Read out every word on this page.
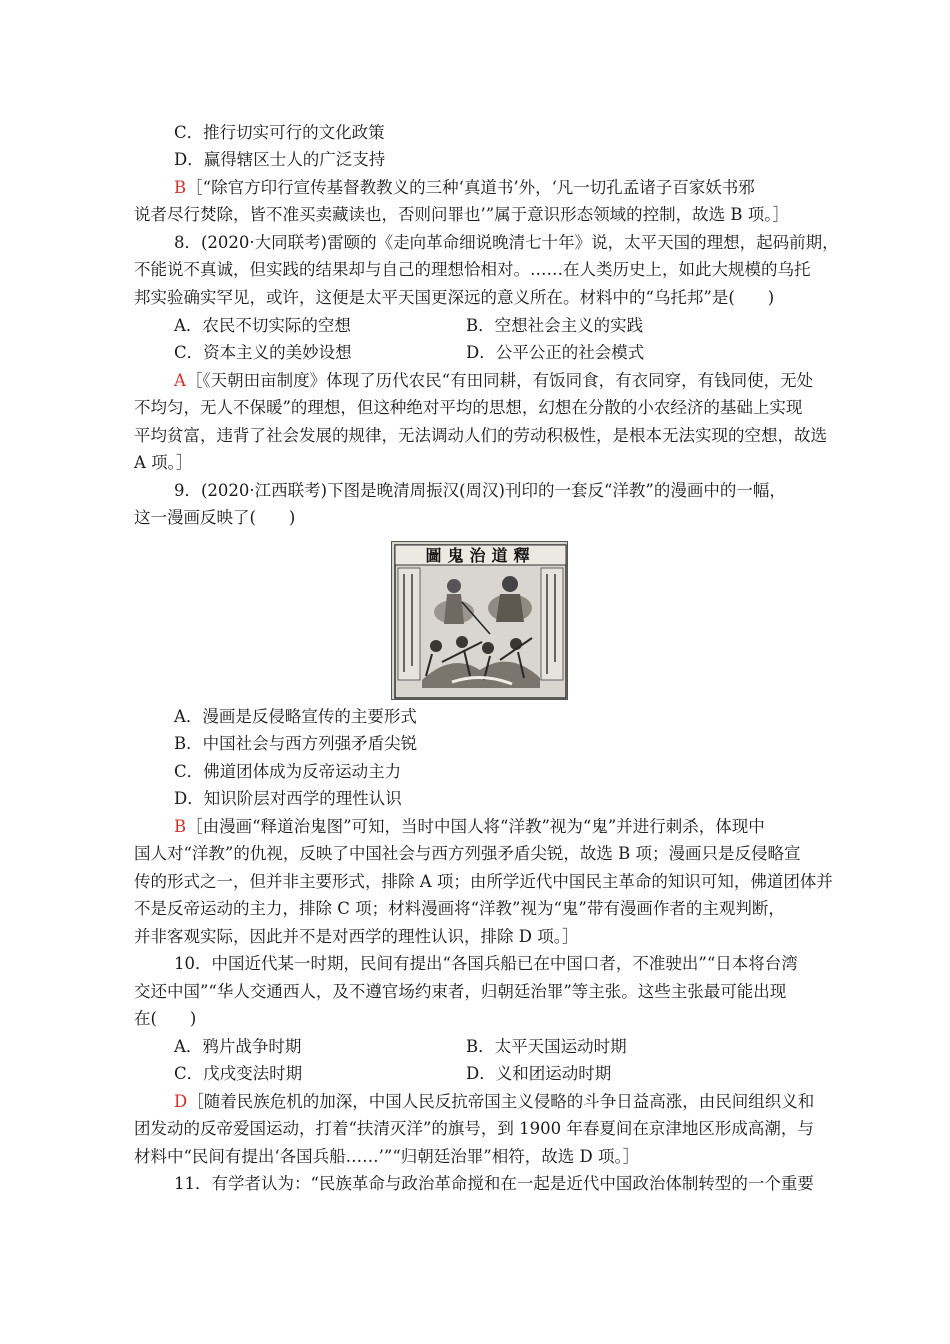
C．推行切实可行的文化政策
D．赢得辖区士人的广泛支持
B［“除官方印行宣传基督教教义的三种‘真道书’外，‘凡一切孔孟诸子百家妖书邪
说者尽行焚除，皆不准买卖藏读也，否则问罪也’”属于意识形态领域的控制，故选 B 项。］
8．(2020·大同联考)雷颐的《走向革命细说晚清七十年》说，太平天国的理想，起码前期，
不能说不真诚，但实践的结果却与自己的理想恰相对。……在人类历史上，如此大规模的乌托
邦实验确实罕见，或许，这便是太平天国更深远的意义所在。材料中的“乌托邦”是(　　)
A．农民不切实际的空想	B．空想社会主义的实践
C．资本主义的美妙设想	D．公平公正的社会模式
A［《天朝田亩制度》体现了历代农民“有田同耕，有饭同食，有衣同穿，有钱同使，无处
不均匀，无人不保暖”的理想，但这种绝对平均的思想，幻想在分散的小农经济的基础上实现
平均贫富，违背了社会发展的规律，无法调动人们的劳动积极性，是根本无法实现的空想，故选
A 项。］
9．(2020·江西联考)下图是晚清周振汉(周汉)刊印的一套反“洋教”的漫画中的一幅，
这一漫画反映了(　　)
圖鬼治道釋
A．漫画是反侵略宣传的主要形式
B．中国社会与西方列强矛盾尖锐
C．佛道团体成为反帝运动主力
D．知识阶层对西学的理性认识
B［由漫画“释道治鬼图”可知，当时中国人将“洋教”视为“鬼”并进行刺杀，体现中
国人对“洋教”的仇视，反映了中国社会与西方列强矛盾尖锐，故选 B 项；漫画只是反侵略宣
传的形式之一，但并非主要形式，排除 A 项；由所学近代中国民主革命的知识可知，佛道团体并
不是反帝运动的主力，排除 C 项；材料漫画将“洋教”视为“鬼”带有漫画作者的主观判断，
并非客观实际，因此并不是对西学的理性认识，排除 D 项。］
10．中国近代某一时期，民间有提出“各国兵船已在中国口者，不准驶出”“日本将台湾
交还中国”“华人交通西人，及不遵官场约束者，归朝廷治罪”等主张。这些主张最可能出现
在(　　)
A．鸦片战争时期	B．太平天国运动时期
C．戊戌变法时期	D．义和团运动时期
D［随着民族危机的加深，中国人民反抗帝国主义侵略的斗争日益高涨，由民间组织义和
团发动的反帝爱国运动，打着“扶清灭洋”的旗号，到 1900 年春夏间在京津地区形成高潮，与
材料中“民间有提出‘各国兵船……’”“归朝廷治罪”相符，故选 D 项。］
11．有学者认为：“民族革命与政治革命搅和在一起是近代中国政治体制转型的一个重要
